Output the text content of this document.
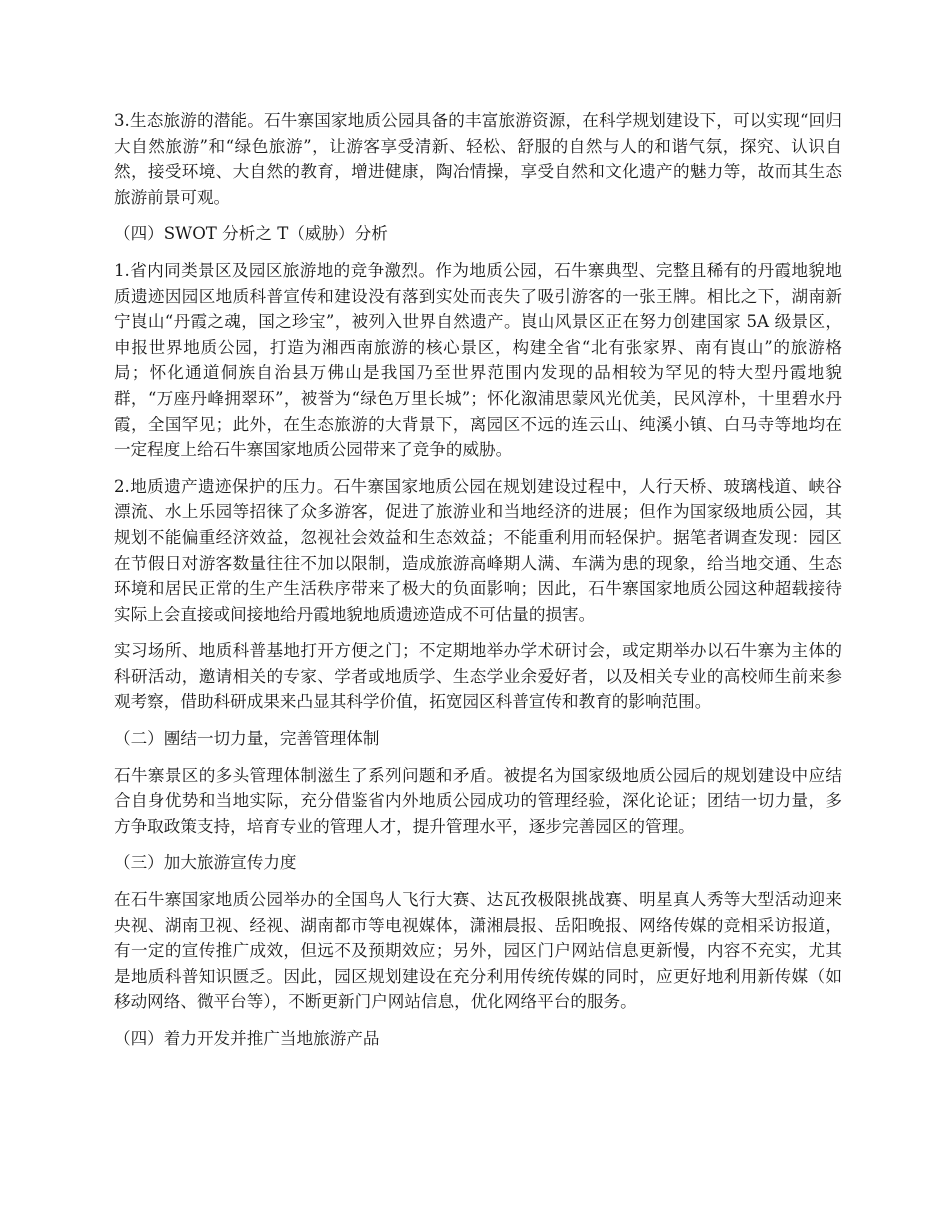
3.生态旅游的潜能。石牛寨国家地质公园具备的丰富旅游资源，在科学规划建设下，可以实现“回归大自然旅游”和“绿色旅游”，让游客享受清新、轻松、舒服的自然与人的和谐气氛，探究、认识自然，接受环境、大自然的教育，增进健康，陶冶情操，享受自然和文化遗产的魅力等，故而其生态旅游前景可观。

（四）SWOT 分析之 T（威胁）分析

1.省内同类景区及园区旅游地的竞争激烈。作为地质公园，石牛寨典型、完整且稀有的丹霞地貌地质遗迹因园区地质科普宣传和建设没有落到实处而丧失了吸引游客的一张王牌。相比之下，湖南新宁崀山“丹霞之魂，国之珍宝”，被列入世界自然遗产。崀山风景区正在努力创建国家 5A 级景区，申报世界地质公园，打造为湘西南旅游的核心景区，构建全省“北有张家界、南有崀山”的旅游格局；怀化通道侗族自治县万佛山是我国乃至世界范围内发现的品相较为罕见的特大型丹霞地貌群，“万座丹峰拥翠环”，被誉为“绿色万里长城”；怀化溆浦思蒙风光优美，民风淳朴，十里碧水丹霞，全国罕见；此外，在生态旅游的大背景下，离园区不远的连云山、纯溪小镇、白马寺等地均在一定程度上给石牛寨国家地质公园带来了竞争的威胁。

2.地质遗产遗迹保护的压力。石牛寨国家地质公园在规划建设过程中，人行天桥、玻璃栈道、峡谷漂流、水上乐园等招徕了众多游客，促进了旅游业和当地经济的进展；但作为国家级地质公园，其规划不能偏重经济效益，忽视社会效益和生态效益；不能重利用而轻保护。据笔者调查发现：园区在节假日对游客数量往往不加以限制，造成旅游高峰期人满、车满为患的现象，给当地交通、生态环境和居民正常的生产生活秩序带来了极大的负面影响；因此，石牛寨国家地质公园这种超载接待实际上会直接或间接地给丹霞地貌地质遗迹造成不可估量的损害。

实习场所、地质科普基地打开方便之门；不定期地举办学术研讨会，或定期举办以石牛寨为主体的科研活动，邀请相关的专家、学者或地质学、生态学业余爱好者，以及相关专业的高校师生前来参观考察，借助科研成果来凸显其科学价值，拓宽园区科普宣传和教育的影响范围。

（二）團结一切力量，完善管理体制

石牛寨景区的多头管理体制滋生了系列问题和矛盾。被提名为国家级地质公园后的规划建设中应结合自身优势和当地实际，充分借鉴省内外地质公园成功的管理经验，深化论证；团结一切力量，多方争取政策支持，培育专业的管理人才，提升管理水平，逐步完善园区的管理。

（三）加大旅游宣传力度

在石牛寨国家地质公园举办的全国鸟人飞行大赛、达瓦孜极限挑战赛、明星真人秀等大型活动迎来央视、湖南卫视、经视、湖南都市等电视媒体，潇湘晨报、岳阳晚报、网络传媒的竞相采访报道，有一定的宣传推广成效，但远不及预期效应；另外，园区门户网站信息更新慢，内容不充实，尤其是地质科普知识匮乏。因此，园区规划建设在充分利用传统传媒的同时，应更好地利用新传媒（如移动网络、微平台等），不断更新门户网站信息，优化网络平台的服务。

（四）着力开发并推广当地旅游产品
